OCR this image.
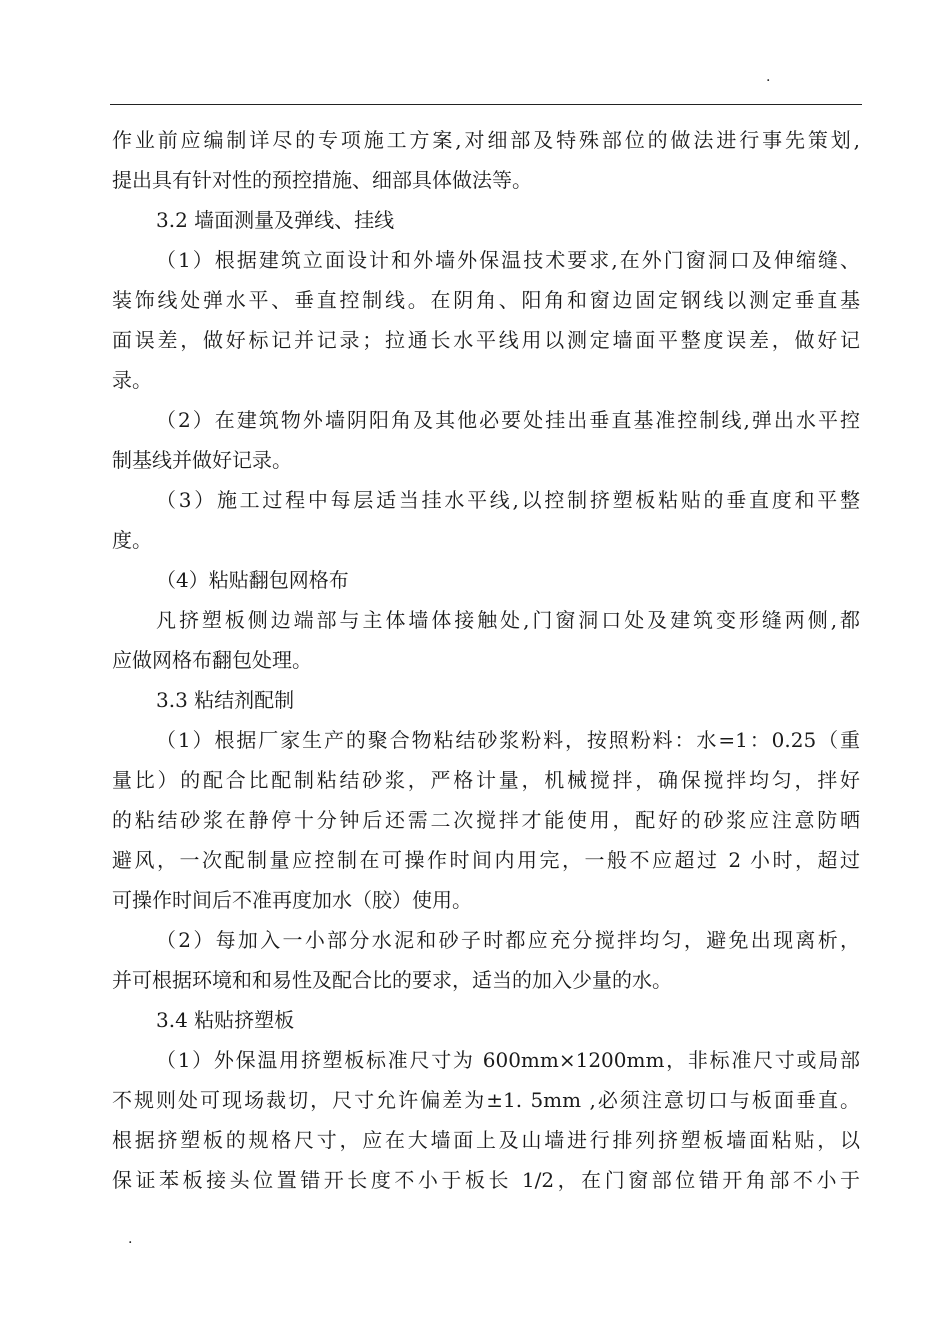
.
作业前应编制详尽的专项施工方案,对细部及特殊部位的做法进行事先策划,
提出具有针对性的预控措施、细部具体做法等。
3.2 墙面测量及弹线、挂线
（1）根据建筑立面设计和外墙外保温技术要求,在外门窗洞口及伸缩缝、
装饰线处弹水平、垂直控制线。在阴角、阳角和窗边固定钢线以测定垂直基
面误差，做好标记并记录；拉通长水平线用以测定墙面平整度误差，做好记
录。
（2）在建筑物外墙阴阳角及其他必要处挂出垂直基准控制线,弹出水平控
制基线并做好记录。
（3）施工过程中每层适当挂水平线,以控制挤塑板粘贴的垂直度和平整
度。
（4）粘贴翻包网格布
凡挤塑板侧边端部与主体墙体接触处,门窗洞口处及建筑变形缝两侧,都
应做网格布翻包处理。
3.3 粘结剂配制
（1）根据厂家生产的聚合物粘结砂浆粉料，按照粉料：水=1：0.25（重
量比）的配合比配制粘结砂浆，严格计量，机械搅拌，确保搅拌均匀，拌好
的粘结砂浆在静停十分钟后还需二次搅拌才能使用，配好的砂浆应注意防晒
避风，一次配制量应控制在可操作时间内用完，一般不应超过 2 小时，超过
可操作时间后不准再度加水（胶）使用。
（2）每加入一小部分水泥和砂子时都应充分搅拌均匀，避免出现离析，
并可根据环境和和易性及配合比的要求，适当的加入少量的水。
3.4 粘贴挤塑板
（1）外保温用挤塑板标准尺寸为 600mm×1200mm，非标准尺寸或局部
不规则处可现场裁切，尺寸允许偏差为±1. 5mm ,必须注意切口与板面垂直。
根据挤塑板的规格尺寸，应在大墙面上及山墙进行排列挤塑板墙面粘贴，以
保证苯板接头位置错开长度不小于板长 1/2，在门窗部位错开角部不小于
.
